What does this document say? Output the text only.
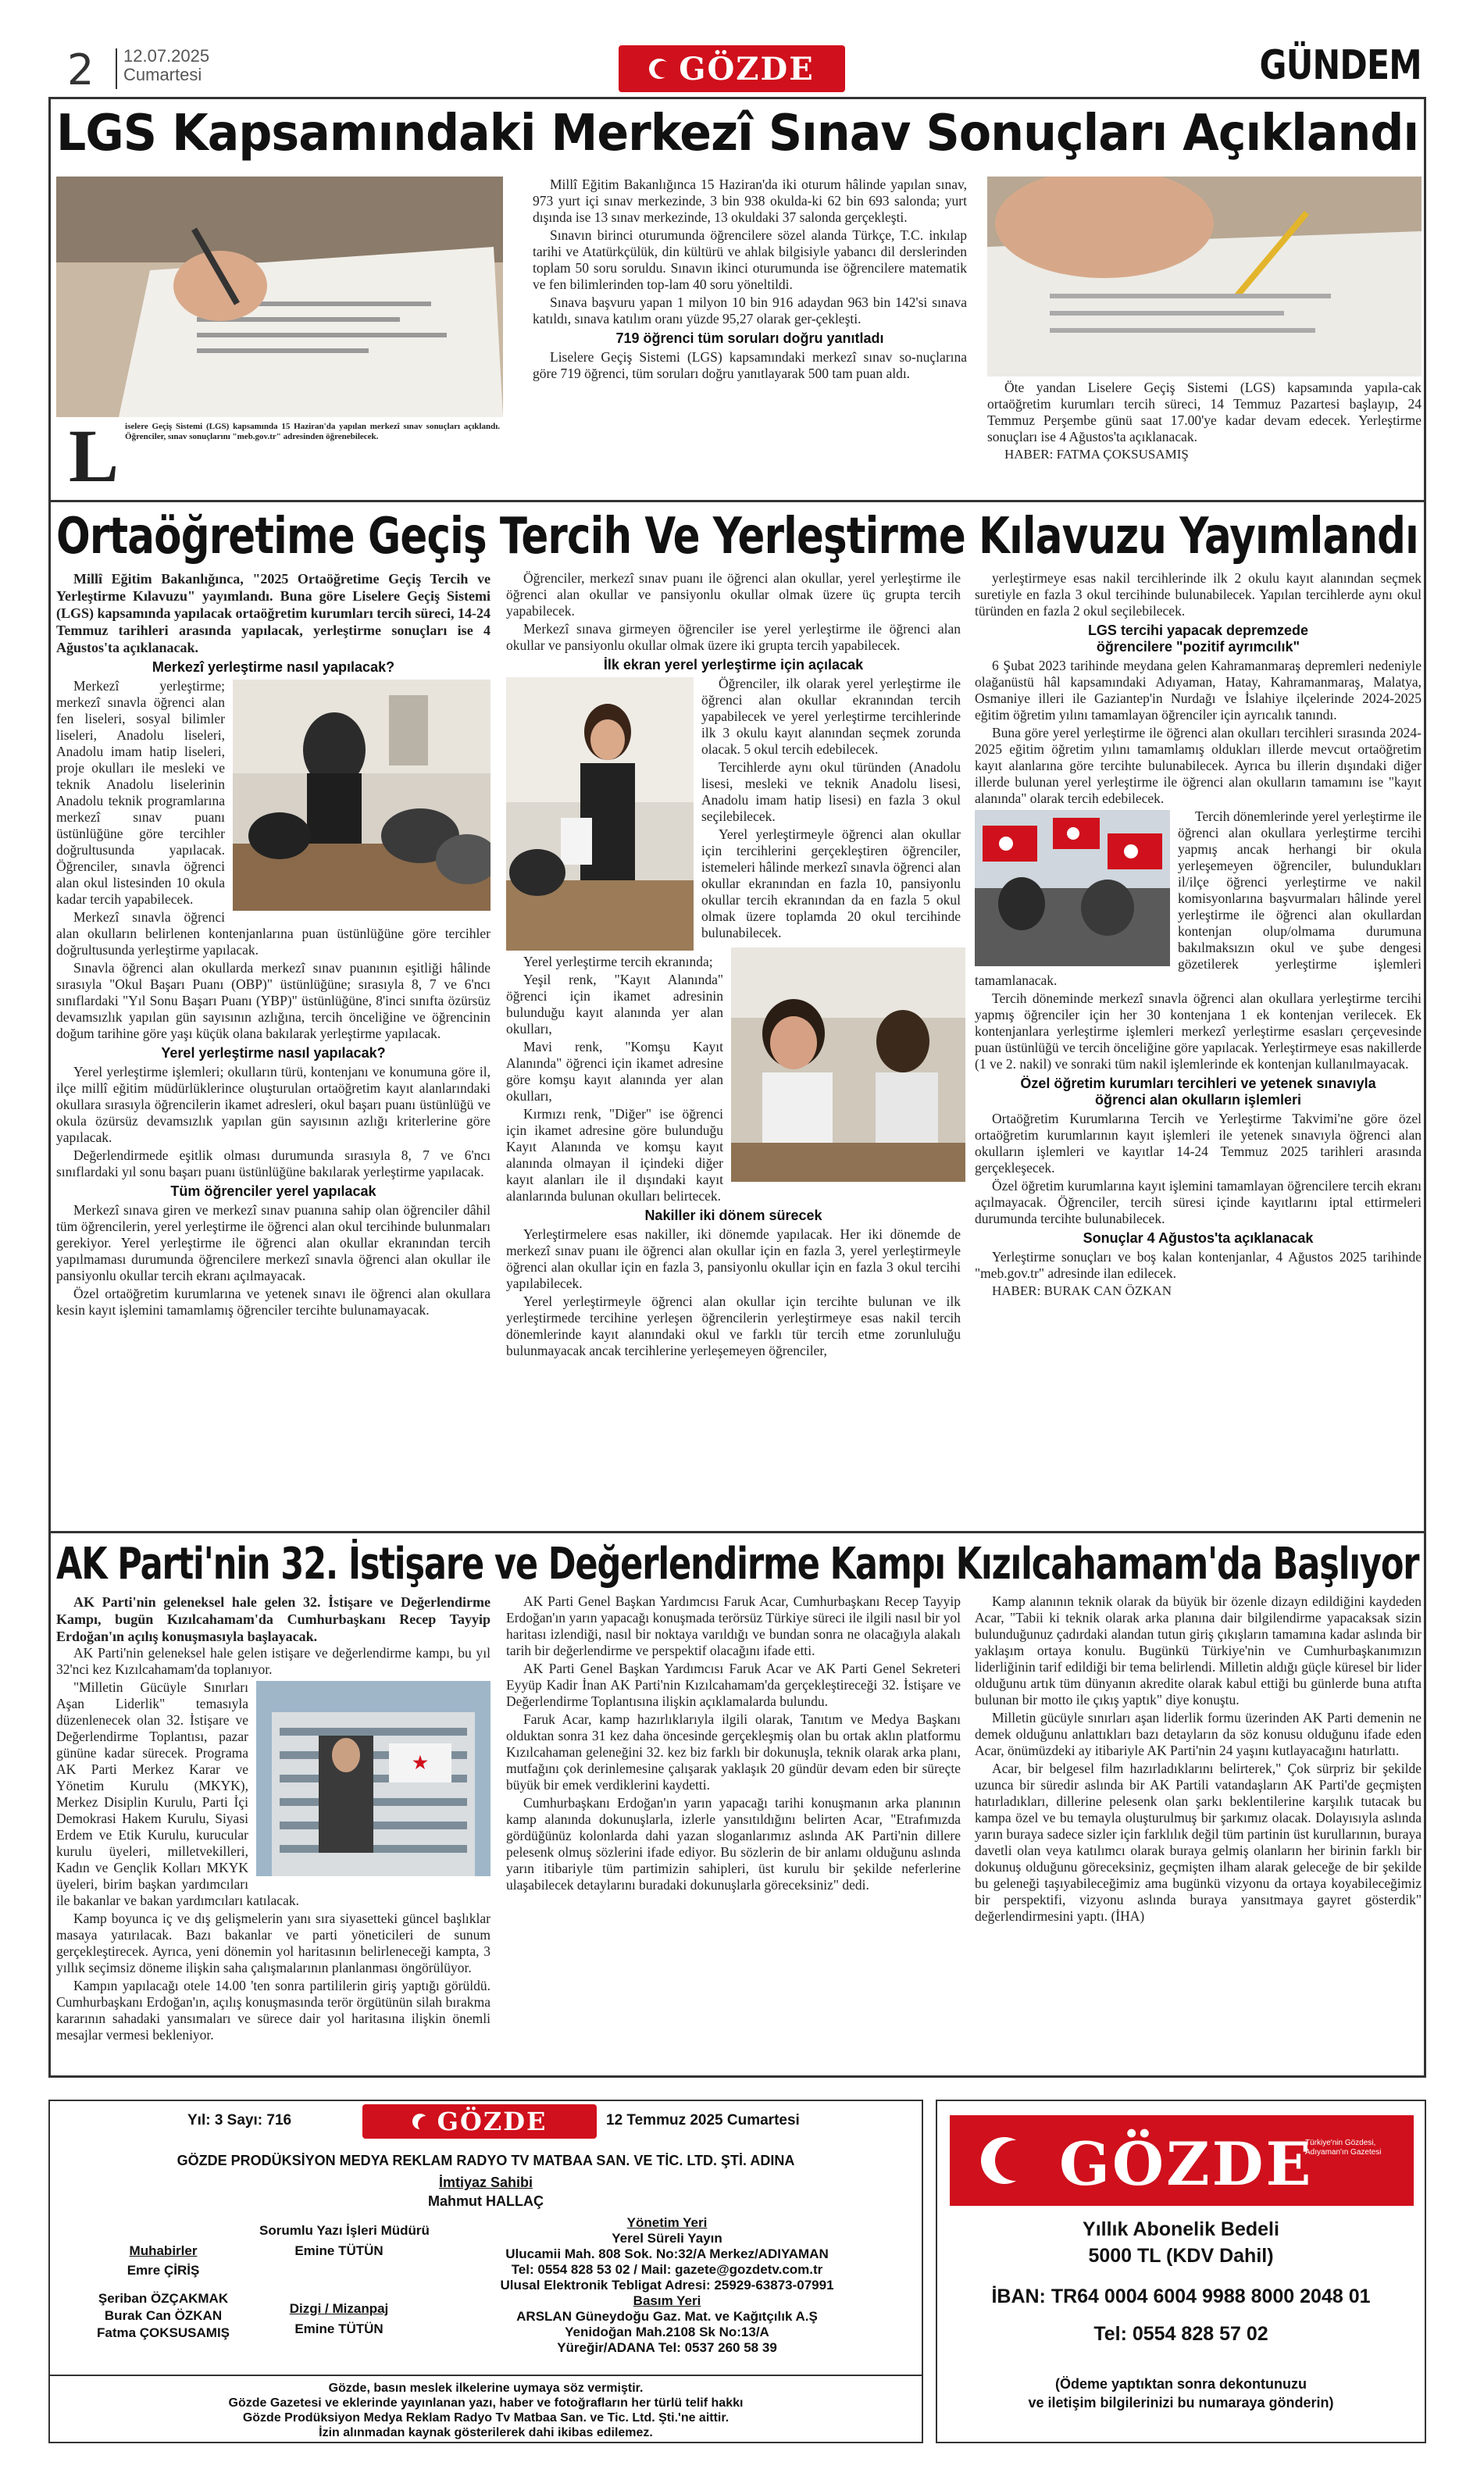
2 12.07.2025
Cumartesi	GÖZDE	GÜNDEM
LGS Kapsamındaki Merkezî Sınav Sonuçları Açıklandı
L iselere Geçiş Sistemi (LGS) kapsamında 15 Haziran'da yapılan merkezî sınav sonuçları açıklandı. Öğrenciler, sınav sonuçlarını "meb.gov.tr" adresinden öğrenebilecek.

Millî Eğitim Bakanlığınca 15 Haziran'da iki oturum hâlinde yapılan sınav, 973 yurt içi sınav merkezinde, 3 bin 938 okulda-ki 62 bin 693 salonda; yurt dışında ise 13 sınav merkezinde, 13 okuldaki 37 salonda gerçekleşti.

Sınavın birinci oturumunda öğrencilere sözel alanda Türkçe, T.C. inkılap tarihi ve Atatürkçülük, din kültürü ve ahlak bilgisiyle yabancı dil derslerinden toplam 50 soru soruldu. Sınavın ikinci oturumunda ise öğrencilere matematik ve fen bilimlerinden top-lam 40 soru yöneltildi.

Sınava başvuru yapan 1 milyon 10 bin 916 adaydan 963 bin 142'si sınava katıldı, sınava katılım oranı yüzde 95,27 olarak ger-çekleşti.

719 öğrenci tüm soruları doğru yanıtladı

Liselere Geçiş Sistemi (LGS) kapsamındaki merkezî sınav so-nuçlarına göre 719 öğrenci, tüm soruları doğru yanıtlayarak 500 tam puan aldı.

Öte yandan Liselere Geçiş Sistemi (LGS) kapsamında yapıla-cak ortaöğretim kurumları tercih süreci, 14 Temmuz Pazartesi başlayıp, 24 Temmuz Perşembe günü saat 17.00'ye kadar devam edecek. Yerleştirme sonuçları ise 4 Ağustos'ta açıklanacak.

HABER: FATMA ÇOKSUSAMIŞ
Ortaöğretime Geçiş Tercih Ve Yerleştirme Kılavuzu Yayımlandı
Millî Eğitim Bakanlığınca, "2025 Ortaöğretime Geçiş Tercih ve Yerleştirme Kılavuzu" yayımlandı. Buna göre Liselere Geçiş Sistemi (LGS) kapsamında yapılacak ortaöğretim kurumları tercih süreci, 14-24 Temmuz tarihleri arasında yapılacak, yerleştirme sonuçları ise 4 Ağustos'ta açıklanacak.
Merkezî yerleştirme nasıl yapılacak?

Merkezî yerleştirme; merkezî sınavla öğrenci alan fen liseleri, sosyal bilimler liseleri, Anadolu liseleri, Anadolu imam hatip liseleri, proje okulları ile mesleki ve teknik Anadolu liselerinin Anadolu teknik programlarına merkezî sınav puanı üstünlüğüne göre tercihler doğrultusunda yapılacak. Öğrenciler, sınavla öğrenci alan okul listesinden 10 okula kadar tercih yapabilecek.

Merkezî sınavla öğrenci alan okulların belirlenen kontenjanlarına puan üstünlüğüne göre tercihler doğrultusunda yerleştirme yapılacak.

Sınavla öğrenci alan okullarda merkezî sınav puanının eşitliği hâlinde sırasıyla "Okul Başarı Puanı (OBP)" üstünlüğüne; sırasıyla 8, 7 ve 6'ncı sınıflardaki "Yıl Sonu Başarı Puanı (YBP)" üstünlüğüne, 8'inci sınıfta özürsüz devamsızlık yapılan gün sayısının azlığına, tercih önceliğine ve öğrencinin doğum tarihine göre yaşı küçük olana bakılarak yerleştirme yapılacak.

Yerel yerleştirme nasıl yapılacak?

Yerel yerleştirme işlemleri; okulların türü, kontenjanı ve konumuna göre il, ilçe millî eğitim müdürlüklerince oluşturulan ortaöğretim kayıt alanlarındaki okullara sırasıyla öğrencilerin ikamet adresleri, okul başarı puanı üstünlüğü ve okula özürsüz devamsızlık yapılan gün sayısının azlığı kriterlerine göre yapılacak.

Değerlendirmede eşitlik olması durumunda sırasıyla 8, 7 ve 6'ncı sınıflardaki yıl sonu başarı puanı üstünlüğüne bakılarak yerleştirme yapılacak.

Tüm öğrenciler yerel yapılacak

Merkezî sınava giren ve merkezî sınav puanına sahip olan öğrenciler dâhil tüm öğrencilerin, yerel yerleştirme ile öğrenci alan okul tercihinde bulunmaları gerekiyor. Yerel yerleştirme ile öğrenci alan okullar ekranından tercih yapılmaması durumunda öğrencilere merkezî sınavla öğrenci alan okullar ile pansiyonlu okullar tercih ekranı açılmayacak.

Özel ortaöğretim kurumlarına ve yetenek sınavı ile öğrenci alan okullara kesin kayıt işlemini tamamlamış öğrenciler tercihte bulunamayacak.

Öğrenciler, merkezî sınav puanı ile öğrenci alan okullar, yerel yerleştirme ile öğrenci alan okullar ve pansiyonlu okullar olmak üzere üç grupta tercih yapabilecek.

Merkezî sınava girmeyen öğrenciler ise yerel yerleştirme ile öğrenci alan okullar ve pansiyonlu okullar olmak üzere iki grupta tercih yapabilecek.

İlk ekran yerel yerleştirme için açılacak

Öğrenciler, ilk olarak yerel yerleştirme ile öğrenci alan okullar ekranından tercih yapabilecek ve yerel yerleştirme tercihlerinde ilk 3 okulu kayıt alanından seçmek zorunda olacak. 5 okul tercih edebilecek.

Tercihlerde aynı okul türünden (Anadolu lisesi, mesleki ve teknik Anadolu lisesi, Anadolu imam hatip lisesi) en fazla 3 okul seçilebilecek.

Yerel yerleştirmeyle öğrenci alan okullar için tercihlerini gerçekleştiren öğrenciler, istemeleri hâlinde merkezî sınavla öğrenci alan okullar ekranından en fazla 10, pansiyonlu okullar tercih ekranından da en fazla 5 okul olmak üzere toplamda 20 okul tercihinde bulunabilecek.

Yerel yerleştirme tercih ekranında;

Yeşil renk, "Kayıt Alanında" öğrenci için ikamet adresinin bulunduğu kayıt alanında yer alan okulları,

Mavi renk, "Komşu Kayıt Alanında" öğrenci için ikamet adresine göre komşu kayıt alanında yer alan okulları,

Kırmızı renk, "Diğer" ise öğrenci için ikamet adresine göre bulunduğu Kayıt Alanında ve komşu kayıt alanında olmayan il içindeki diğer kayıt alanları ile il dışındaki kayıt alanlarında bulunan okulları belirtecek.

Nakiller iki dönem sürecek

Yerleştirmelere esas nakiller, iki dönemde yapılacak. Her iki dönemde de merkezî sınav puanı ile öğrenci alan okullar için en fazla 3, yerel yerleştirmeyle öğrenci alan okullar için en fazla 3, pansiyonlu okullar için en fazla 3 okul tercihi yapılabilecek.

Yerel yerleştirmeyle öğrenci alan okullar için tercihte bulunan ve ilk yerleştirmede tercihine yerleşen öğrencilerin yerleştirmeye esas nakil tercih dönemlerinde kayıt alanındaki okul ve farklı tür tercih etme zorunluluğu bulunmayacak ancak tercihlerine yerleşemeyen öğrenciler,

yerleştirmeye esas nakil tercihlerinde ilk 2 okulu kayıt alanından seçmek suretiyle en fazla 3 okul tercihinde bulunabilecek. Yapılan tercihlerde aynı okul türünden en fazla 2 okul seçilebilecek.

LGS tercihi yapacak depremzede
öğrencilere "pozitif ayrımcılık"

6 Şubat 2023 tarihinde meydana gelen Kahramanmaraş depremleri nedeniyle olağanüstü hâl kapsamındaki Adıyaman, Hatay, Kahramanmaraş, Malatya, Osmaniye illeri ile Gaziantep'in Nurdağı ve İslahiye ilçelerinde 2024-2025 eğitim öğretim yılını tamamlayan öğrenciler için ayrıcalık tanındı.

Buna göre yerel yerleştirme ile öğrenci alan okulları tercihleri sırasında 2024-2025 eğitim öğretim yılını tamamlamış oldukları illerde mevcut ortaöğretim kayıt alanlarına göre tercihte bulunabilecek. Ayrıca bu illerin dışındaki diğer illerde bulunan yerel yerleştirme ile öğrenci alan okulların tamamını ise "kayıt alanında" olarak tercih edebilecek.

Tercih dönemlerinde yerel yerleştirme ile öğrenci alan okullara yerleştirme tercihi yapmış ancak herhangi bir okula yerleşemeyen öğrenciler, bulundukları il/ilçe öğrenci yerleştirme ve nakil komisyonlarına başvurmaları hâlinde yerel yerleştirme ile öğrenci alan okullardan kontenjan olup/olmama durumuna bakılmaksızın okul ve şube dengesi gözetilerek yerleştirme işlemleri tamamlanacak.

Tercih döneminde merkezî sınavla öğrenci alan okullara yerleştirme tercihi yapmış öğrenciler için her 30 kontenjana 1 ek kontenjan verilecek. Ek kontenjanlara yerleştirme işlemleri merkezî yerleştirme esasları çerçevesinde puan üstünlüğü ve tercih önceliğine göre yapılacak. Yerleştirmeye esas nakillerde (1 ve 2. nakil) ve sonraki tüm nakil işlemlerinde ek kontenjan kullanılmayacak.

Özel öğretim kurumları tercihleri ve yetenek sınavıyla
öğrenci alan okulların işlemleri

Ortaöğretim Kurumlarına Tercih ve Yerleştirme Takvimi'ne göre özel ortaöğretim kurumlarının kayıt işlemleri ile yetenek sınavıyla öğrenci alan okulların işlemleri ve kayıtlar 14-24 Temmuz 2025 tarihleri arasında gerçekleşecek.

Özel öğretim kurumlarına kayıt işlemini tamamlayan öğrencilere tercih ekranı açılmayacak. Öğrenciler, tercih süresi içinde kayıtlarını iptal ettirmeleri durumunda tercihte bulunabilecek.

Sonuçlar 4 Ağustos'ta açıklanacak

Yerleştirme sonuçları ve boş kalan kontenjanlar, 4 Ağustos 2025 tarihinde "meb.gov.tr" adresinde ilan edilecek.

HABER: BURAK CAN ÖZKAN
AK Parti'nin 32. İstişare ve Değerlendirme Kampı Kızılcahamam'da Başlıyor
AK Parti'nin geleneksel hale gelen 32. İstişare ve Değerlendirme Kampı, bugün Kızılcahamam'da Cumhurbaşkanı Recep Tayyip Erdoğan'ın açılış konuşmasıyla başlayacak.

AK Parti'nin geleneksel hale gelen istişare ve değerlendirme kampı, bu yıl 32'nci kez Kızılcahamam'da toplanıyor.

★

"Milletin Gücüyle Sınırları Aşan Liderlik" temasıyla düzenlenecek olan 32. İstişare ve Değerlendirme Toplantısı, pazar gününe kadar sürecek. Programa AK Parti Merkez Karar ve Yönetim Kurulu (MKYK), Merkez Disiplin Kurulu, Parti İçi Demokrasi Hakem Kurulu, Siyasi Erdem ve Etik Kurulu, kurucular kurulu üyeleri, milletvekilleri, Kadın ve Gençlik Kolları MKYK üyeleri, birim başkan yardımcıları ile bakanlar ve bakan yardımcıları katılacak.

Kamp boyunca iç ve dış gelişmelerin yanı sıra siyasetteki güncel başlıklar masaya yatırılacak. Bazı bakanlar ve parti yöneticileri de sunum gerçekleştirecek. Ayrıca, yeni dönemin yol haritasının belirleneceği kampta, 3 yıllık seçimsiz döneme ilişkin saha çalışmalarının planlanması öngörülüyor.

Kampın yapılacağı otele 14.00 'ten sonra partililerin giriş yaptığı görüldü. Cumhurbaşkanı Erdoğan'ın, açılış konuşmasında terör örgütünün silah bırakma kararının sahadaki yansımaları ve sürece dair yol haritasına ilişkin önemli mesajlar vermesi bekleniyor.

AK Parti Genel Başkan Yardımcısı Faruk Acar, Cumhurbaşkanı Recep Tayyip Erdoğan'ın yarın yapacağı konuşmada terörsüz Türkiye süreci ile ilgili nasıl bir yol haritası izlendiği, nasıl bir noktaya varıldığı ve bundan sonra ne olacağıyla alakalı tarih bir değerlendirme ve perspektif olacağını ifade etti.

AK Parti Genel Başkan Yardımcısı Faruk Acar ve AK Parti Genel Sekreteri Eyyüp Kadir İnan AK Parti'nin Kızılcahamam'da gerçekleştireceği 32. İstişare ve Değerlendirme Toplantısına ilişkin açıklamalarda bulundu.

Faruk Acar, kamp hazırlıklarıyla ilgili olarak, Tanıtım ve Medya Başkanı olduktan sonra 31 kez daha öncesinde gerçekleşmiş olan bu ortak aklın platformu Kızılcahaman geleneğini 32. kez biz farklı bir dokunuşla, teknik olarak arka planı, mutfağını çok derinlemesine çalışarak yaklaşık 20 gündür devam eden bir süreçte büyük bir emek verdiklerini kaydetti.

Cumhurbaşkanı Erdoğan'ın yarın yapacağı tarihi konuşmanın arka planının kamp alanında dokunuşlarla, izlerle yansıtıldığını belirten Acar, "Etrafımızda gördüğünüz kolonlarda dahi yazan sloganlarımız aslında AK Parti'nin dillere pelesenk olmuş sözlerini ifade ediyor. Bu sözlerin de bir anlamı olduğunu aslında yarın itibariyle tüm partimizin sahipleri, üst kurulu bir şekilde neferlerine ulaşabilecek detaylarını buradaki dokunuşlarla göreceksiniz" dedi.

Kamp alanının teknik olarak da büyük bir özenle dizayn edildiğini kaydeden Acar, "Tabii ki teknik olarak arka planına dair bilgilendirme yapacaksak sizin bulunduğunuz çadırdaki alandan tutun giriş çıkışların tamamına kadar aslında bir yaklaşım ortaya konulu. Bugünkü Türkiye'nin ve Cumhurbaşkanımızın liderliğinin tarif edildiği bir tema belirlendi. Milletin aldığı güçle küresel bir lider olduğunu artık tüm dünyanın akredite olarak kabul ettiği bu günlerde buna atıfta bulunan bir motto ile çıkış yaptık" diye konuştu.

Milletin gücüyle sınırları aşan liderlik formu üzerinden AK Parti demenin ne demek olduğunu anlattıkları bazı detayların da söz konusu olduğunu ifade eden Acar, önümüzdeki ay itibariyle AK Parti'nin 24 yaşını kutlayacağını hatırlattı.

Acar, bir belgesel film hazırladıklarını belirterek," Çok sürpriz bir şekilde uzunca bir süredir aslında bir AK Partili vatandaşların AK Parti'de geçmişten hatırladıkları, dillerine pelesenk olan şarkı beklentilerine karşılık tutacak bu kampa özel ve bu temayla oluşturulmuş bir şarkımız olacak. Dolayısıyla aslında yarın buraya sadece sizler için farklılık değil tüm partinin üst kurullarının, buraya davetli olan veya katılımcı olarak buraya gelmiş olanların her birinin farklı bir dokunuş olduğunu göreceksiniz, geçmişten ilham alarak geleceğe de bir şekilde bu geleneği taşıyabileceğimiz ama bugünkü vizyonu da ortaya koyabileceğimiz bir perspektifi, vizyonu aslında buraya yansıtmaya gayret gösterdik" değerlendirmesini yaptı. (İHA)

Yıl: 3 Sayı: 716	GÖZDE	12 Temmuz 2025 Cumartesi
GÖZDE PRODÜKSİYON MEDYA REKLAM RADYO TV MATBAA SAN. VE TİC. LTD. ŞTİ. ADINA
İmtiyaz Sahibi
Mahmut HALLAÇ
Sorumlu Yazı İşleri Müdürü
Muhabirler	Emine TÜTÜN
Emre ÇİRİŞ
Şeriban ÖZÇAKMAK
Burak Can ÖZKAN
Fatma ÇOKSUSAMIŞ
Dizgi / Mizanpaj
Emine TÜTÜN
Yönetim Yeri
Yerel Süreli Yayın
Ulucamii Mah. 808 Sok. No:32/A Merkez/ADIYAMAN
Tel: 0554 828 53 02 / Mail: gazete@gozdetv.com.tr
Ulusal Elektronik Tebligat Adresi: 25929-63873-07991
Basım Yeri
ARSLAN Güneydoğu Gaz. Mat. ve Kağıtçılık A.Ş
Yenidoğan Mah.2108 Sk No:13/A
Yüreğir/ADANA Tel: 0537 260 58 39
Gözde, basın meslek ilkelerine uymaya söz vermiştir.
Gözde Gazetesi ve eklerinde yayınlanan yazı, haber ve fotoğrafların her türlü telif hakkı
Gözde Prodüksiyon Medya Reklam Radyo Tv Matbaa San. ve Tic. Ltd. Şti.'ne aittir.
İzin alınmadan kaynak gösterilerek dahi ikibas edilemez.
GÖZDE
Türkiye'nin Gözdesi, Adıyaman'ın Gazetesi
Yıllık Abonelik Bedeli
5000 TL (KDV Dahil)
İBAN: TR64 0004 6004 9988 8000 2048 01
Tel: 0554 828 57 02
(Ödeme yaptıktan sonra dekontunuzu
ve iletişim bilgilerinizi bu numaraya gönderin)
